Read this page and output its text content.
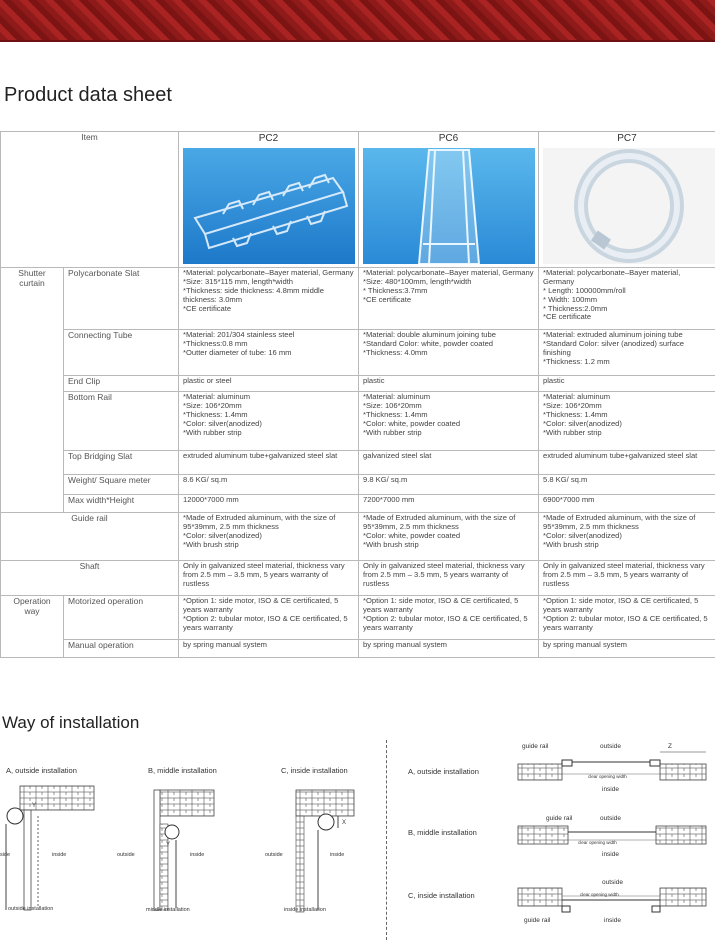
Product data sheet
Item		PC2	PC6	PC7

Shutter curtain	Polycarbonate Slat	*Material: polycarbonate–Bayer material, Germany
*Size: 315*115 mm, length*width
*Thickness: side thickness: 4.8mm middle thickness: 3.0mm
*CE certificate	*Material: polycarbonate–Bayer material, Germany
*Size: 480*100mm, length*width
* Thickness:3.7mm
*CE certificate	*Material: polycarbonate–Bayer material, Germany
* Length: 100000mm/roll
* Width: 100mm
* Thickness:2.0mm
*CE certificate
	Connecting Tube	*Material: 201/304 stainless steel
*Thickness:0.8 mm
*Outter diameter of tube: 16 mm	*Material: double aluminum joining tube
*Standard Color: white, powder coated
*Thickness: 4.0mm	*Material: extruded aluminum joining tube
*Standard Color: silver (anodized) surface finishing
*Thickness: 1.2 mm
	End Clip	plastic or steel	plastic	plastic
	Bottom Rail	*Material: aluminum
*Size: 106*20mm
*Thickness: 1.4mm
*Color: silver(anodized)
*With rubber strip	*Material: aluminum
*Size: 106*20mm
*Thickness: 1.4mm
*Color: white, powder coated
*With rubber strip	*Material: aluminum
*Size: 106*20mm
*Thickness: 1.4mm
*Color: silver(anodized)
*With rubber strip
	Top Bridging Slat	extruded aluminum tube+galvanized steel slat	galvanized steel slat	extruded aluminum tube+galvanized steel slat
	Weight/ Square meter	8.6 KG/ sq.m	9.8 KG/ sq.m	5.8 KG/ sq.m
	Max width*Height	12000*7000 mm	7200*7000 mm	6900*7000 mm
Guide rail		*Made of Extruded aluminum, with the size of 95*39mm, 2.5 mm thickness
*Color: silver(anodized)
*With brush strip	*Made of Extruded aluminum, with the size of 95*39mm, 2.5 mm thickness
*Color: white, powder coated
*With brush strip	*Made of Extruded aluminum, with the size of 95*39mm, 2.5 mm thickness
*Color: silver(anodized)
*With brush strip
Shaft		Only in galvanized steel material, thickness vary from 2.5 mm – 3.5 mm, 5 years warranty of rustless	Only in galvanized steel material, thickness vary from 2.5 mm – 3.5 mm, 5 years warranty of rustless	Only in galvanized steel material, thickness vary from 2.5 mm – 3.5 mm, 5 years warranty of rustless
Operation way	Motorized operation	*Option 1: side motor, ISO & CE certificated, 5 years warranty
*Option 2: tubular motor, ISO & CE certificated, 5 years warranty	*Option 1: side motor, ISO & CE certificated, 5 years warranty
*Option 2: tubular motor, ISO & CE certificated, 5 years warranty	*Option 1: side motor, ISO & CE certificated, 5 years warranty
*Option 2: tubular motor, ISO & CE certificated, 5 years warranty
	Manual operation	by spring manual system	by spring manual system	by spring manual system
Way of installation
A, outside installation	B, middle installation	C, inside installation
Y
Y
X
side	inside	outside	inside	outside	inside
outside installation	middle installation	inside installation
A, outside installation
B, middle installation
C, inside installation
guide rail	outside	Z
clear opening width
inside
guide rail	outside
clear opening width
inside
outside
clear opening width
guide rail	inside
